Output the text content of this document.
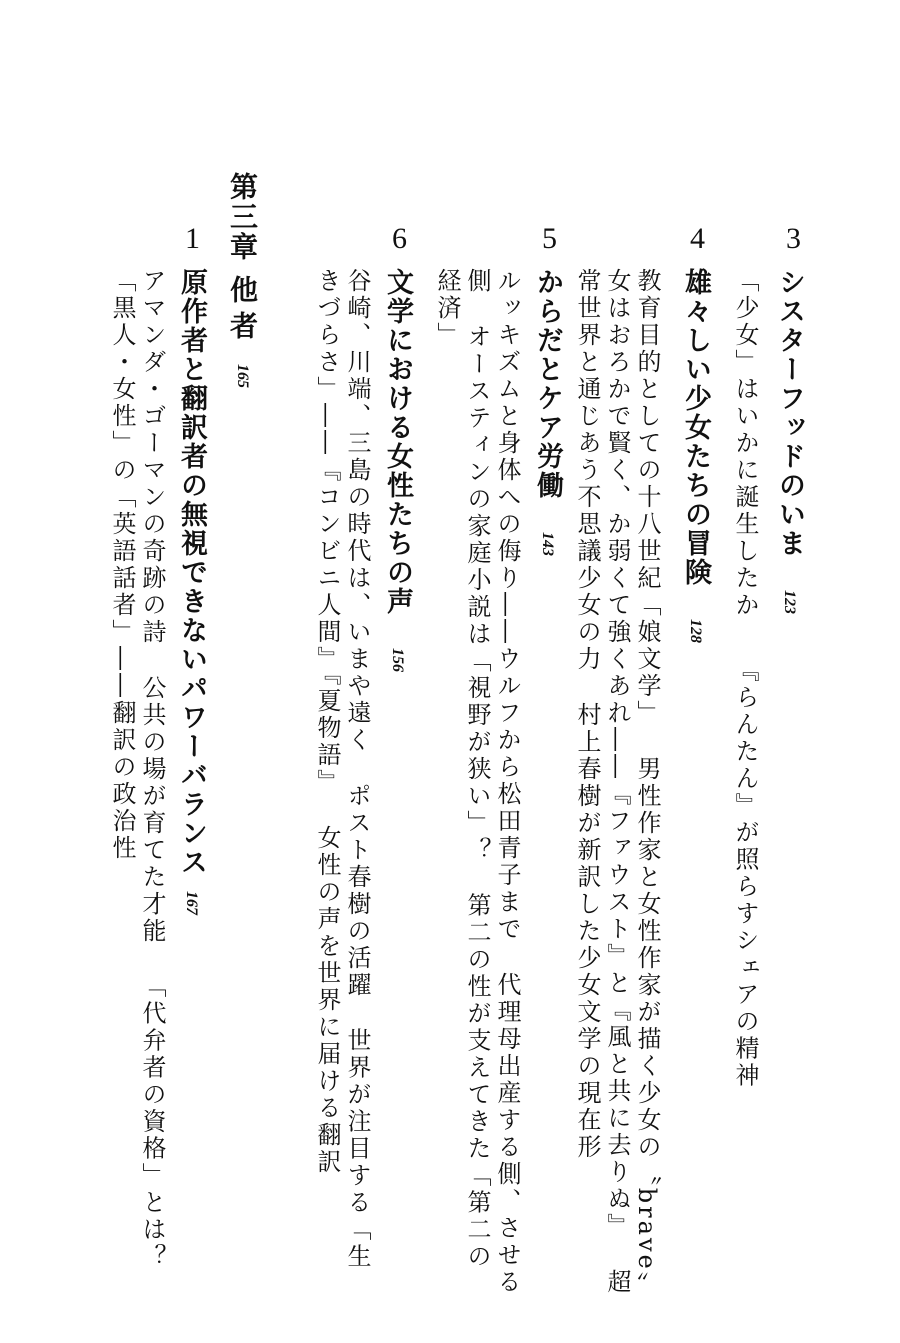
3
シスターフッドのいま123
「少女」はいかに誕生したか『らんたん』が照らすシェアの精神
4
雄々しい少女たちの冒険128
教育目的としての十八世紀「娘文学」男性作家と女性作家が描く少女の〝brave〟
女はおろかで賢く、か弱くて強くあれ――『ファウスト』と『風と共に去りぬ』超
常世界と通じあう不思議少女の力村上春樹が新訳した少女文学の現在形
5
からだとケア労働143
ルッキズムと身体への侮り――ウルフから松田青子まで代理母出産する側、させる
側オースティンの家庭小説は「視野が狭い」？第二の性が支えてきた「第二の
経済」
6
文学における女性たちの声156
谷崎、川端、三島の時代は、いまや遠くポスト春樹の活躍世界が注目する「生
きづらさ」――『コンビニ人間』『夏物語』女性の声を世界に届ける翻訳
第三章
他者165
1
原作者と翻訳者の無視できないパワーバランス167
アマンダ・ゴーマンの奇跡の詩公共の場が育てた才能「代弁者の資格」とは？
「黒人・女性」の「英語話者」――翻訳の政治性
